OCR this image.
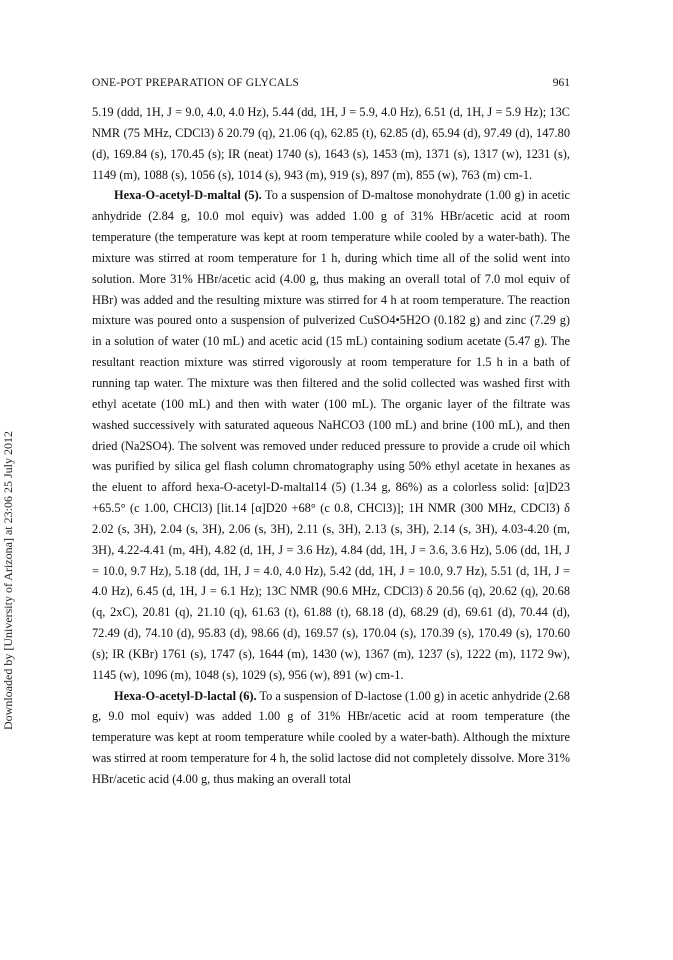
ONE-POT PREPARATION OF GLYCALS	961
Downloaded by [University of Arizona] at 23:06 25 July 2012

5.19 (ddd, 1H, J = 9.0, 4.0, 4.0 Hz), 5.44 (dd, 1H, J = 5.9, 4.0 Hz), 6.51 (d, 1H, J = 5.9 Hz); 13C NMR (75 MHz, CDCl3) δ 20.79 (q), 21.06 (q), 62.85 (t), 62.85 (d), 65.94 (d), 97.49 (d), 147.80 (d), 169.84 (s), 170.45 (s); IR (neat) 1740 (s), 1643 (s), 1453 (m), 1371 (s), 1317 (w), 1231 (s), 1149 (m), 1088 (s), 1056 (s), 1014 (s), 943 (m), 919 (s), 897 (m), 855 (w), 763 (m) cm-1.

Hexa-O-acetyl-D-maltal (5). To a suspension of D-maltose monohydrate (1.00 g) in acetic anhydride (2.84 g, 10.0 mol equiv) was added 1.00 g of 31% HBr/acetic acid at room temperature (the temperature was kept at room temperature while cooled by a water-bath). The mixture was stirred at room temperature for 1 h, during which time all of the solid went into solution. More 31% HBr/acetic acid (4.00 g, thus making an overall total of 7.0 mol equiv of HBr) was added and the resulting mixture was stirred for 4 h at room temperature. The reaction mixture was poured onto a suspension of pulverized CuSO4•5H2O (0.182 g) and zinc (7.29 g) in a solution of water (10 mL) and acetic acid (15 mL) containing sodium acetate (5.47 g). The resultant reaction mixture was stirred vigorously at room temperature for 1.5 h in a bath of running tap water. The mixture was then filtered and the solid collected was washed first with ethyl acetate (100 mL) and then with water (100 mL). The organic layer of the filtrate was washed successively with saturated aqueous NaHCO3 (100 mL) and brine (100 mL), and then dried (Na2SO4). The solvent was removed under reduced pressure to provide a crude oil which was purified by silica gel flash column chromatography using 50% ethyl acetate in hexanes as the eluent to afford hexa-O-acetyl-D-maltal14 (5) (1.34 g, 86%) as a colorless solid: [α]D23 +65.5° (c 1.00, CHCl3) [lit.14 [α]D20 +68° (c 0.8, CHCl3)]; 1H NMR (300 MHz, CDCl3) δ 2.02 (s, 3H), 2.04 (s, 3H), 2.06 (s, 3H), 2.11 (s, 3H), 2.13 (s, 3H), 2.14 (s, 3H), 4.03-4.20 (m, 3H), 4.22-4.41 (m, 4H), 4.82 (d, 1H, J = 3.6 Hz), 4.84 (dd, 1H, J = 3.6, 3.6 Hz), 5.06 (dd, 1H, J = 10.0, 9.7 Hz), 5.18 (dd, 1H, J = 4.0, 4.0 Hz), 5.42 (dd, 1H, J = 10.0, 9.7 Hz), 5.51 (d, 1H, J = 4.0 Hz), 6.45 (d, 1H, J = 6.1 Hz); 13C NMR (90.6 MHz, CDCl3) δ 20.56 (q), 20.62 (q), 20.68 (q, 2xC), 20.81 (q), 21.10 (q), 61.63 (t), 61.88 (t), 68.18 (d), 68.29 (d), 69.61 (d), 70.44 (d), 72.49 (d), 74.10 (d), 95.83 (d), 98.66 (d), 169.57 (s), 170.04 (s), 170.39 (s), 170.49 (s), 170.60 (s); IR (KBr) 1761 (s), 1747 (s), 1644 (m), 1430 (w), 1367 (m), 1237 (s), 1222 (m), 1172 9w), 1145 (w), 1096 (m), 1048 (s), 1029 (s), 956 (w), 891 (w) cm-1.

Hexa-O-acetyl-D-lactal (6). To a suspension of D-lactose (1.00 g) in acetic anhydride (2.68 g, 9.0 mol equiv) was added 1.00 g of 31% HBr/acetic acid at room temperature (the temperature was kept at room temperature while cooled by a water-bath). Although the mixture was stirred at room temperature for 4 h, the solid lactose did not completely dissolve. More 31% HBr/acetic acid (4.00 g, thus making an overall total
